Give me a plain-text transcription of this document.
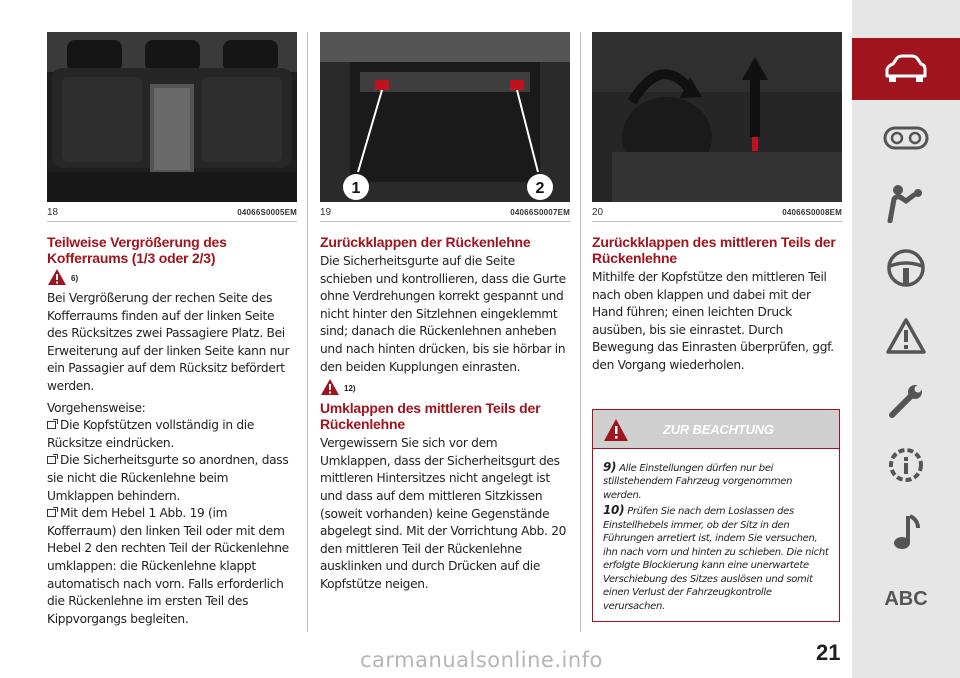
18	04066S0005EM
Teilweise Vergrößerung des Kofferraums (1/3 oder 2/3)
6)

Bei Vergrößerung der rechen Seite des Kofferraums finden auf der linken Seite des Rücksitzes zwei Passagiere Platz. Bei Erweiterung auf der linken Seite kann nur ein Passagier auf dem Rücksitz befördert werden.

Vorgehensweise:

Die Kopfstützen vollständig in die Rücksitze eindrücken.
Die Sicherheitsgurte so anordnen, dass sie nicht die Rückenlehne beim Umklappen behindern.
Mit dem Hebel 1 Abb. 19 (im Kofferraum) den linken Teil oder mit dem Hebel 2 den rechten Teil der Rückenlehne umklappen: die Rückenlehne klappt automatisch nach vorn. Falls erforderlich die Rückenlehne im ersten Teil des Kippvorgangs begleiten.

1	2
19	04066S0007EM
Zurückklappen der Rückenlehne

Die Sicherheitsgurte auf die Seite schieben und kontrollieren, dass die Gurte ohne Verdrehungen korrekt gespannt und nicht hinter den Sitzlehnen eingeklemmt sind; danach die Rückenlehnen anheben und nach hinten drücken, bis sie hörbar in den beiden Kupplungen einrasten.

12)
Umklappen des mittleren Teils der Rückenlehne

Vergewissern Sie sich vor dem Umklappen, dass der Sicherheitsgurt des mittleren Hintersitzes nicht angelegt ist und dass auf dem mittleren Sitzkissen (soweit vorhanden) keine Gegenstände abgelegt sind. Mit der Vorrichtung Abb. 20 den mittleren Teil der Rückenlehne ausklinken und durch Drücken auf die Kopfstütze neigen.

20	04066S0008EM
Zurückklappen des mittleren Teils der Rückenlehne

Mithilfe der Kopfstütze den mittleren Teil nach oben klappen und dabei mit der Hand führen; einen leichten Druck ausüben, bis sie einrastet. Durch Bewegung das Einrasten überprüfen, ggf. den Vorgang wiederholen.

ZUR BEACHTUNG

9) Alle Einstellungen dürfen nur bei stillstehendem Fahrzeug vorgenommen werden.

10) Prüfen Sie nach dem Loslassen des Einstellhebels immer, ob der Sitz in den Führungen arretiert ist, indem Sie versuchen, ihn nach vorn und hinten zu schieben. Die nicht erfolgte Blockierung kann eine unerwartete Verschiebung des Sitzes auslösen und somit einen Verlust der Fahrzeugkontrolle verursachen.	ABC
carmanualsonline.info	21
